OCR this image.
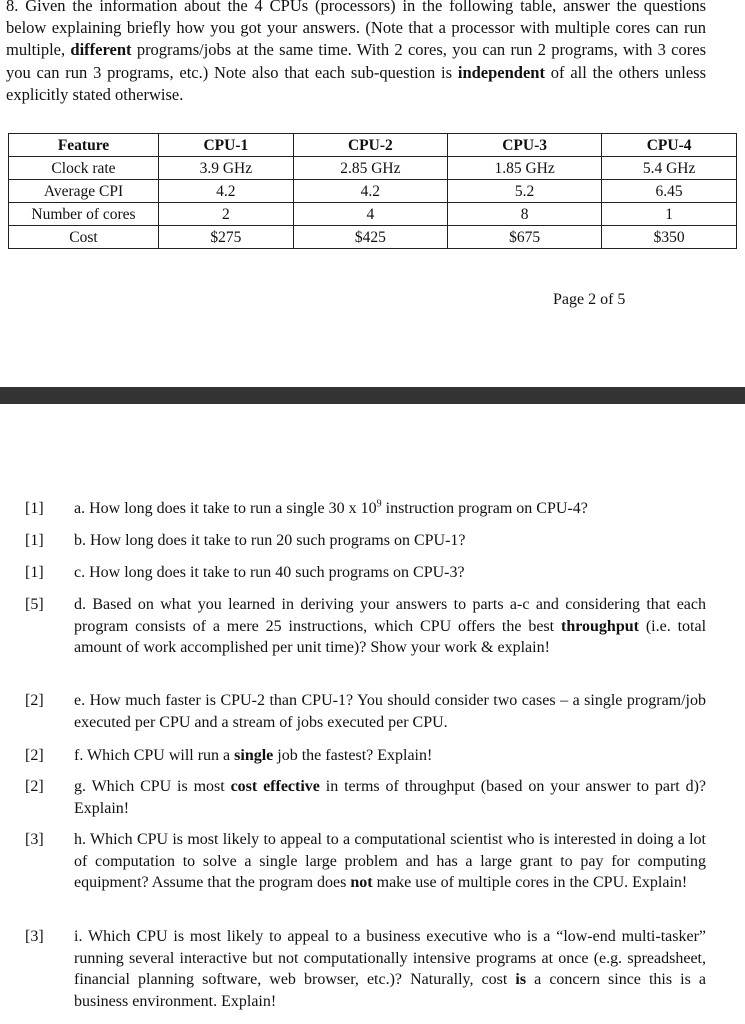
8. Given the information about the 4 CPUs (processors) in the following table, answer the questions below explaining briefly how you got your answers. (Note that a processor with multiple cores can run multiple, different programs/jobs at the same time. With 2 cores, you can run 2 programs, with 3 cores you can run 3 programs, etc.) Note also that each sub-question is independent of all the others unless explicitly stated otherwise.

Feature	CPU-1	CPU-2	CPU-3	CPU-4
Clock rate	3.9 GHz	2.85 GHz	1.85 GHz	5.4 GHz
Average CPI	4.2	4.2	5.2	6.45
Number of cores	2	4	8	1
Cost	$275	$425	$675	$350
Page 2 of 5
[1] a. How long does it take to run a single 30 x $10^9$ instruction program on CPU-4?
[1] b. How long does it take to run 20 such programs on CPU-1?
[1] c. How long does it take to run 40 such programs on CPU-3?
[5] d. Based on what you learned in deriving your answers to parts a-c and considering that each program consists of a mere 25 instructions, which CPU offers the best throughput (i.e. total amount of work accomplished per unit time)? Show your work & explain!
[2] e. How much faster is CPU-2 than CPU-1? You should consider two cases – a single program/job executed per CPU and a stream of jobs executed per CPU.
[2] f. Which CPU will run a single job the fastest? Explain!
[2] g. Which CPU is most cost effective in terms of throughput (based on your answer to part d)? Explain!
[3] h. Which CPU is most likely to appeal to a computational scientist who is interested in doing a lot of computation to solve a single large problem and has a large grant to pay for computing equipment? Assume that the program does not make use of multiple cores in the CPU. Explain!
[3] i. Which CPU is most likely to appeal to a business executive who is a “low-end multi-tasker” running several interactive but not computationally intensive programs at once (e.g. spreadsheet, financial planning software, web browser, etc.)? Naturally, cost is a concern since this is a business environment. Explain!
